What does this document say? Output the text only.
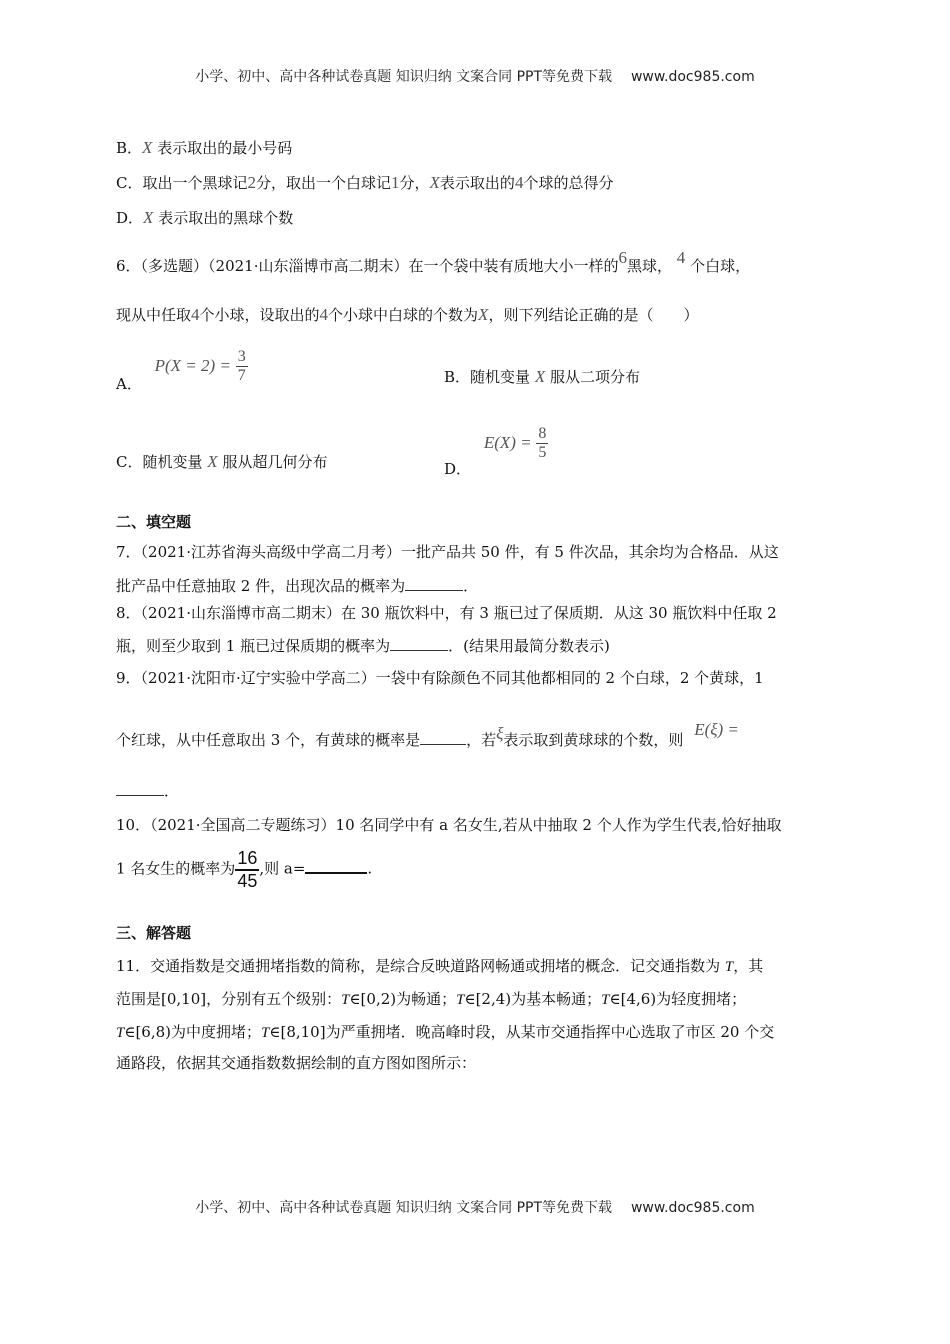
小学、初中、高中各种试卷真题 知识归纳 文案合同 PPT等免费下载 www.doc985.com
B．X 表示取出的最小号码
C．取出一个黑球记2分，取出一个白球记1分，X表示取出的4个球的总得分
D．X 表示取出的黑球个数
6．（多选题）（2021·山东淄博市高二期末）在一个袋中装有质地大小一样的6黑球， 4 个白球，
现从中任取4个小球，设取出的4个小球中白球的个数为X，则下列结论正确的是（　　）
A． $P(X = 2) = \frac{3}{7}$	B．随机变量 X 服从二项分布
C．随机变量 X 服从超几何分布	D． $E(X) = \frac{8}{5}$
二、填空题
7．（2021·江苏省海头高级中学高二月考）一批产品共 50 件，有 5 件次品，其余均为合格品．从这
批产品中任意抽取 2 件，出现次品的概率为	．
8．（2021·山东淄博市高二期末）在 30 瓶饮料中，有 3 瓶已过了保质期．从这 30 瓶饮料中任取 2
瓶，则至少取到 1 瓶已过保质期的概率为	．(结果用最简分数表示)
9．（2021·沈阳市·辽宁实验中学高二）一袋中有除颜色不同其他都相同的 2 个白球，2 个黄球，1
个红球，从中任意取出 3 个，有黄球的概率是	，若ξ表示取到黄球球的个数，则 E(ξ) =
．
10．（2021·全国高二专题练习）10 名同学中有 a 名女生,若从中抽取 2 个人作为学生代表,恰好抽取
1 名女生的概率为 $\frac{16}{45}$ ,则 a=	.
三、解答题
11．交通指数是交通拥堵指数的简称，是综合反映道路网畅通或拥堵的概念．记交通指数为 T，其
范围是[0,10]，分别有五个级别：T∈[0,2)为畅通；T∈[2,4)为基本畅通；T∈[4,6)为轻度拥堵；
T∈[6,8)为中度拥堵；T∈[8,10]为严重拥堵．晚高峰时段，从某市交通指挥中心选取了市区 20 个交
通路段，依据其交通指数数据绘制的直方图如图所示：
小学、初中、高中各种试卷真题 知识归纳 文案合同 PPT等免费下载 www.doc985.com
